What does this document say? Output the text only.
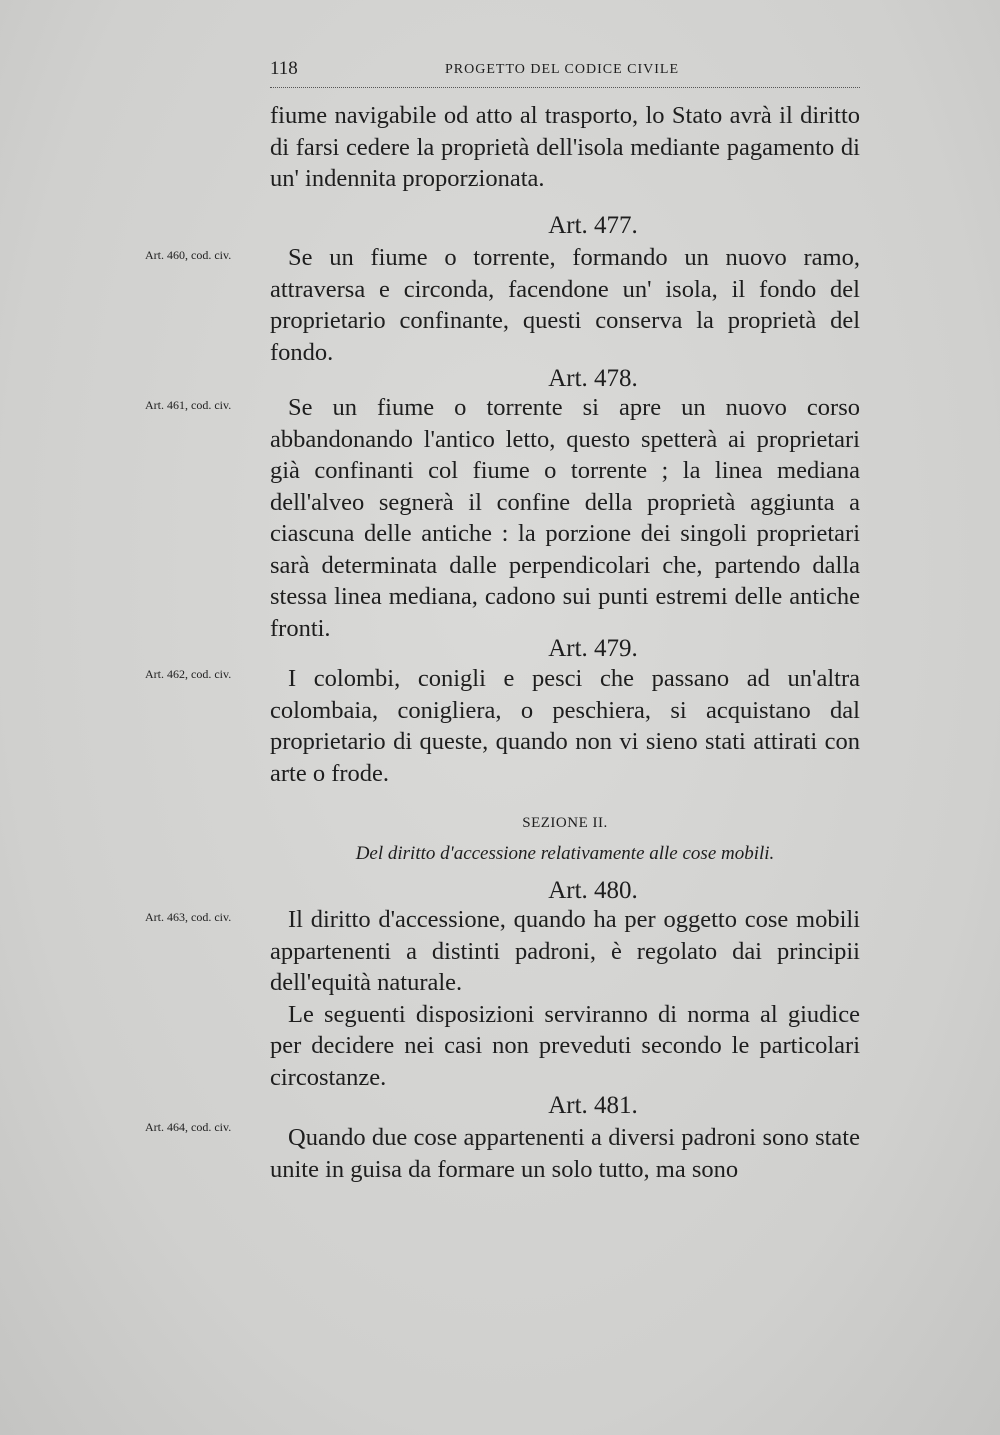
118	PROGETTO DEL CODICE CIVILE
fiume navigabile od atto al trasporto, lo Stato avrà il diritto di farsi cedere la proprietà dell'isola mediante pagamento di un' indennita proporzionata.
Art. 477.
Art. 460, cod. civ.	Se un fiume o torrente, formando un nuovo ramo, attraversa e circonda, facendone un' isola, il fondo del proprietario confinante, questi conserva la proprietà del fondo.
Art. 478.
Art. 461, cod. civ.	Se un fiume o torrente si apre un nuovo corso abbandonando l'antico letto, questo spetterà ai proprietari già confinanti col fiume o torrente ; la linea mediana dell'alveo segnerà il confine della proprietà aggiunta a ciascuna delle antiche : la porzione dei singoli proprietari sarà determinata dalle perpendicolari che, partendo dalla stessa linea mediana, cadono sui punti estremi delle antiche fronti.
Art. 479.
Art. 462, cod. civ.	I colombi, conigli e pesci che passano ad un'altra colombaia, conigliera, o peschiera, si acquistano dal proprietario di queste, quando non vi sieno stati attirati con arte o frode.
SEZIONE II.
Del diritto d'accessione relativamente alle cose mobili.
Art. 480.
Art. 463, cod. civ.	Il diritto d'accessione, quando ha per oggetto cose mobili appartenenti a distinti padroni, è regolato dai principii dell'equità naturale.
Le seguenti disposizioni serviranno di norma al giudice per decidere nei casi non preveduti secondo le particolari circostanze.
Art. 481.
Art. 464, cod. civ.	Quando due cose appartenenti a diversi padroni sono state unite in guisa da formare un solo tutto, ma sono
